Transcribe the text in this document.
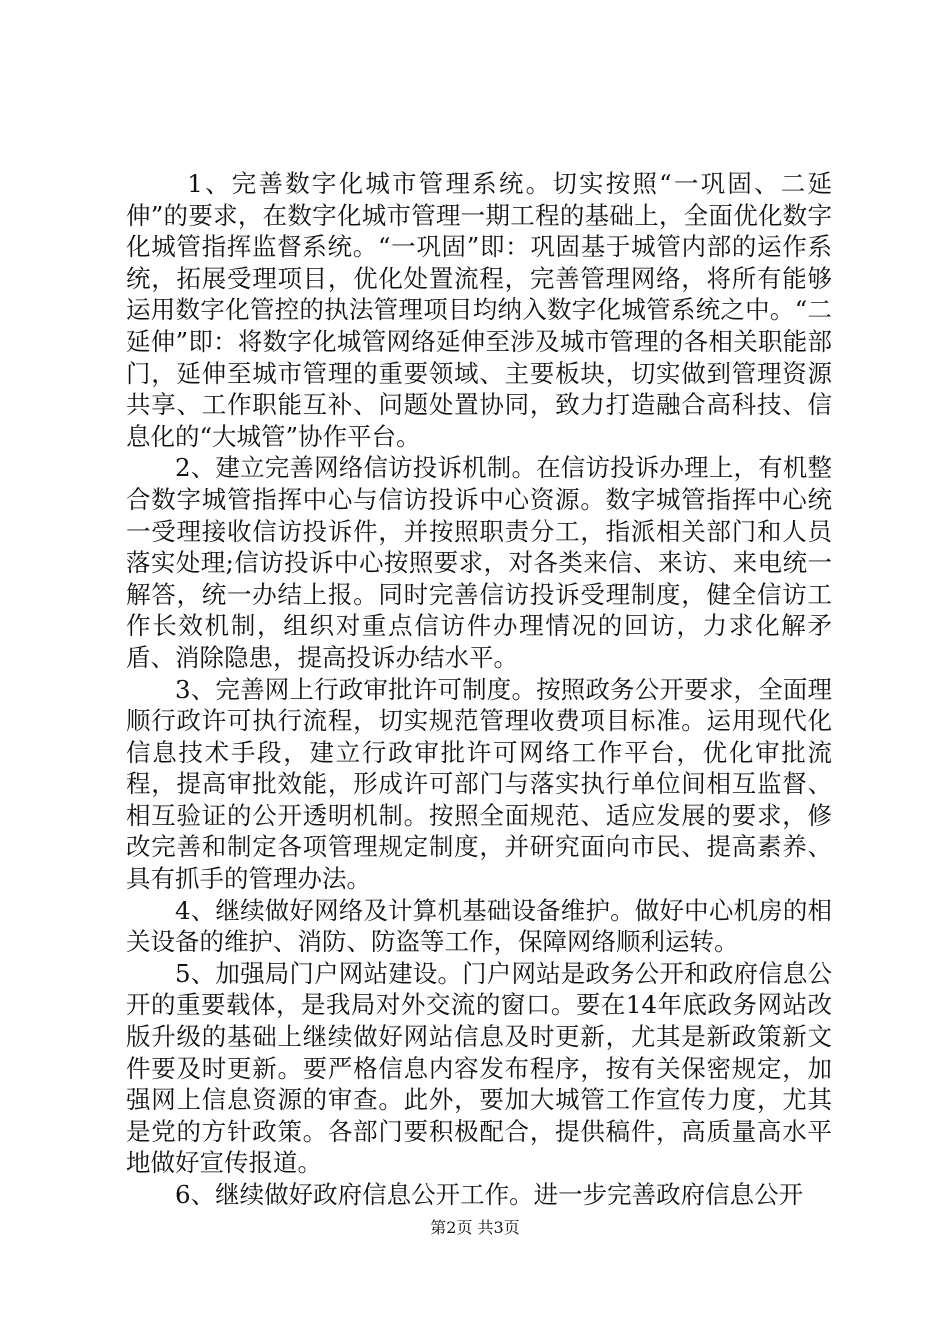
1、完善数字化城市管理系统。切实按照“一巩固、二延伸”的要求，在数字化城市管理一期工程的基础上，全面优化数字化城管指挥监督系统。“一巩固”即：巩固基于城管内部的运作系统，拓展受理项目，优化处置流程，完善管理网络，将所有能够运用数字化管控的执法管理项目均纳入数字化城管系统之中。“二延伸”即：将数字化城管网络延伸至涉及城市管理的各相关职能部门，延伸至城市管理的重要领域、主要板块，切实做到管理资源共享、工作职能互补、问题处置协同，致力打造融合高科技、信息化的“大城管”协作平台。

2、建立完善网络信访投诉机制。在信访投诉办理上，有机整合数字城管指挥中心与信访投诉中心资源。数字城管指挥中心统一受理接收信访投诉件，并按照职责分工，指派相关部门和人员落实处理;信访投诉中心按照要求，对各类来信、来访、来电统一解答，统一办结上报。同时完善信访投诉受理制度，健全信访工作长效机制，组织对重点信访件办理情况的回访，力求化解矛盾、消除隐患，提高投诉办结水平。

3、完善网上行政审批许可制度。按照政务公开要求，全面理顺行政许可执行流程，切实规范管理收费项目标准。运用现代化信息技术手段，建立行政审批许可网络工作平台，优化审批流程，提高审批效能，形成许可部门与落实执行单位间相互监督、相互验证的公开透明机制。按照全面规范、适应发展的要求，修改完善和制定各项管理规定制度，并研究面向市民、提高素养、具有抓手的管理办法。

4、继续做好网络及计算机基础设备维护。做好中心机房的相关设备的维护、消防、防盗等工作，保障网络顺利运转。

5、加强局门户网站建设。门户网站是政务公开和政府信息公开的重要载体，是我局对外交流的窗口。要在14年底政务网站改版升级的基础上继续做好网站信息及时更新，尤其是新政策新文件要及时更新。要严格信息内容发布程序，按有关保密规定，加强网上信息资源的审查。此外，要加大城管工作宣传力度，尤其是党的方针政策。各部门要积极配合，提供稿件，高质量高水平地做好宣传报道。

6、继续做好政府信息公开工作。进一步完善政府信息公开

第2页 共3页
